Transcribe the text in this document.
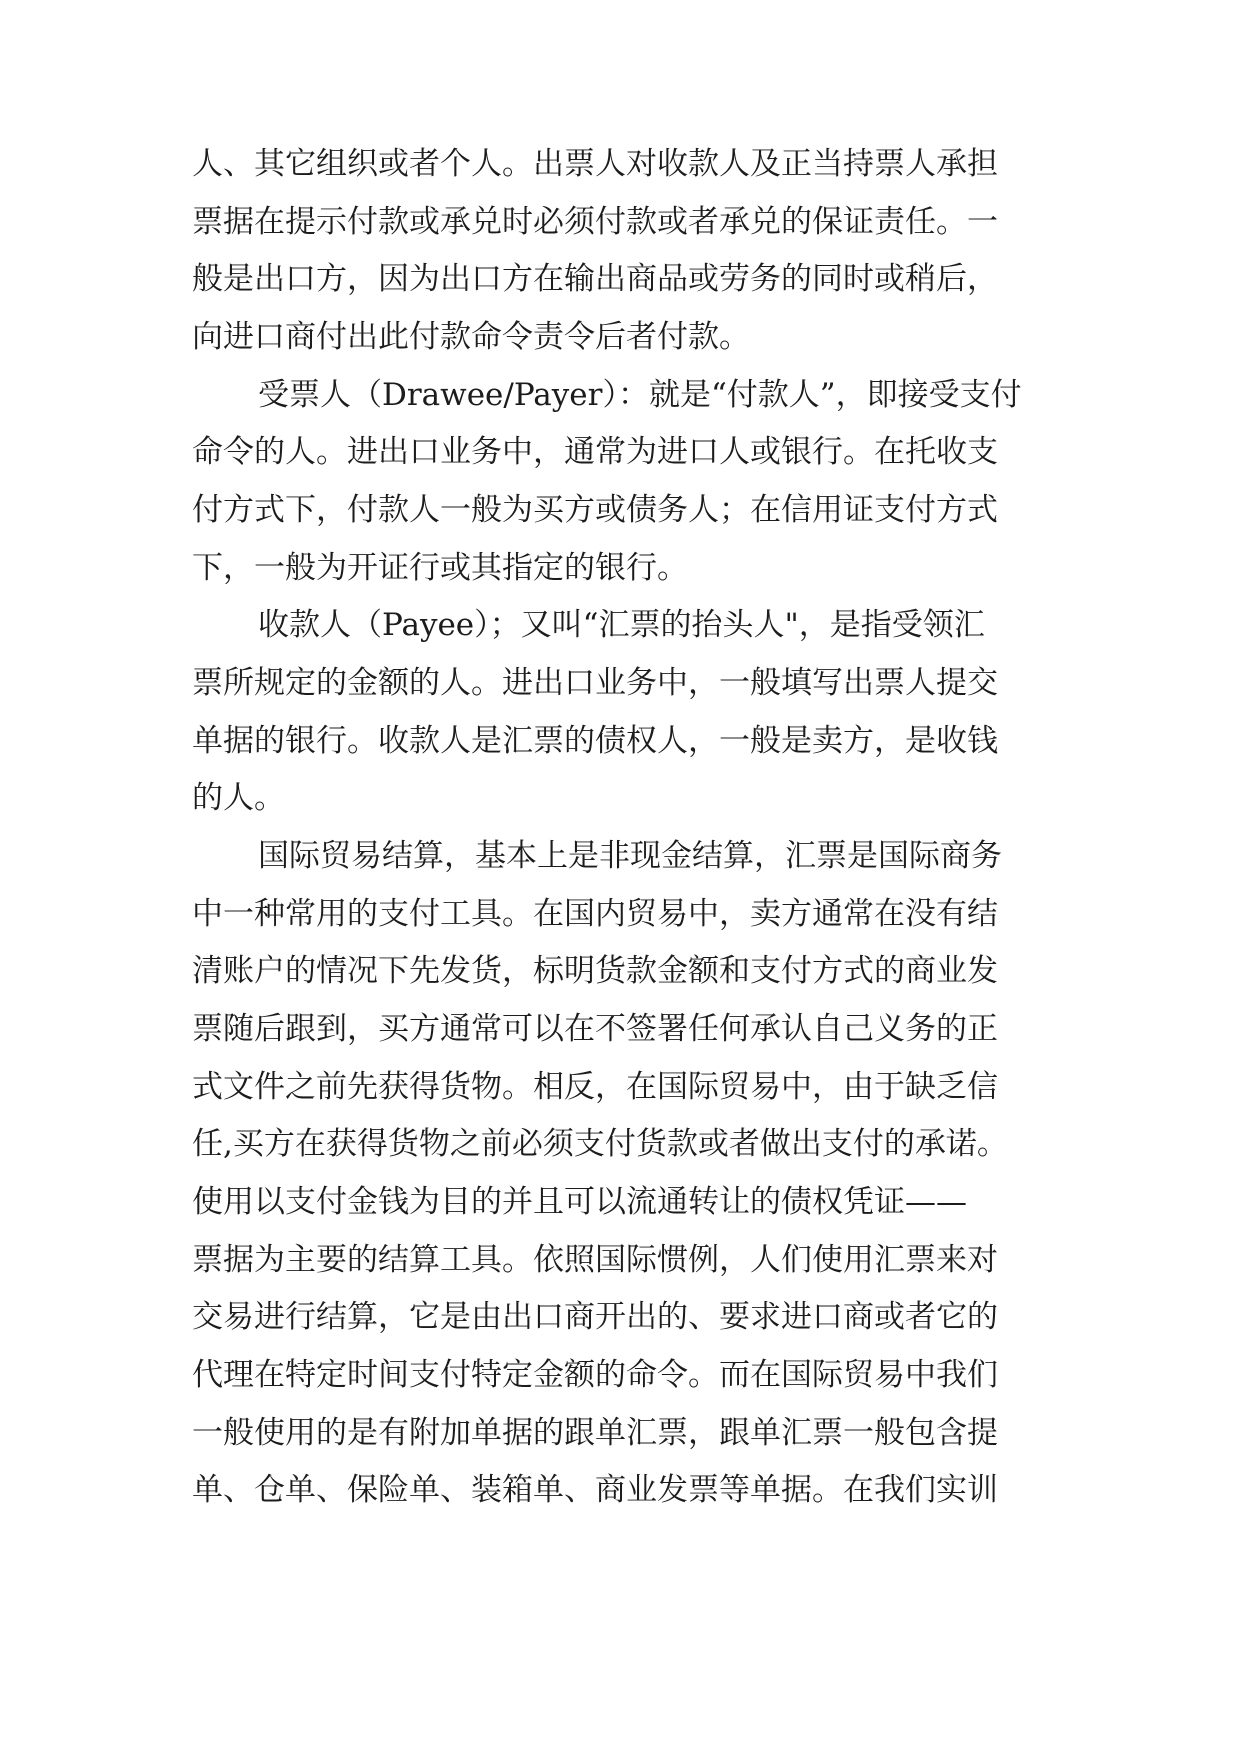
人、其它组织或者个人。出票人对收款人及正当持票人承担
票据在提示付款或承兑时必须付款或者承兑的保证责任。一
般是出口方，因为出口方在输出商品或劳务的同时或稍后，
向进口商付出此付款命令责令后者付款。
受票人（Drawee/Payer）：就是“付款人”，即接受支付
命令的人。进出口业务中，通常为进口人或银行。在托收支
付方式下，付款人一般为买方或债务人；在信用证支付方式
下，一般为开证行或其指定的银行。
收款人（Payee）；又叫“汇票的抬头人"，是指受领汇
票所规定的金额的人。进出口业务中，一般填写出票人提交
单据的银行。收款人是汇票的债权人，一般是卖方，是收钱
的人。
国际贸易结算，基本上是非现金结算，汇票是国际商务
中一种常用的支付工具。在国内贸易中，卖方通常在没有结
清账户的情况下先发货，标明货款金额和支付方式的商业发
票随后跟到，买方通常可以在不签署任何承认自己义务的正
式文件之前先获得货物。相反，在国际贸易中，由于缺乏信
任,买方在获得货物之前必须支付货款或者做出支付的承诺。
使用以支付金钱为目的并且可以流通转让的债权凭证——
票据为主要的结算工具。依照国际惯例，人们使用汇票来对
交易进行结算，它是由出口商开出的、要求进口商或者它的
代理在特定时间支付特定金额的命令。而在国际贸易中我们
一般使用的是有附加单据的跟单汇票，跟单汇票一般包含提
单、仓单、保险单、装箱单、商业发票等单据。在我们实训
